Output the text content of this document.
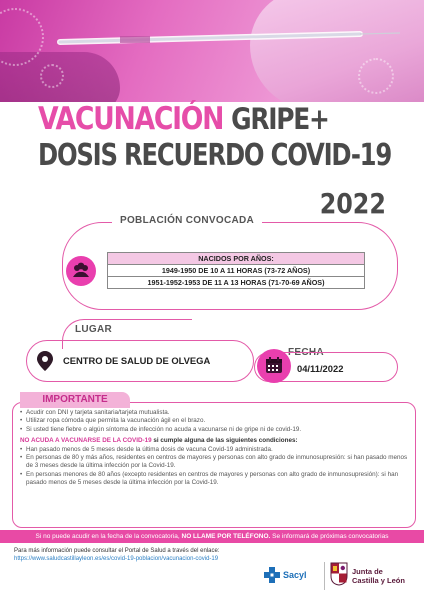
VACUNACIÓN GRIPE+
DOSIS RECUERDO COVID-19
2022
POBLACIÓN CONVOCADA
NACIDOS POR AÑOS:
1949-1950 DE 10 A 11 HORAS (73-72 AÑOS)
1951-1952-1953 DE 11 A 13 HORAS (71-70-69 AÑOS)
LUGAR
CENTRO DE SALUD DE OLVEGA
FECHA
04/11/2022
IMPORTANTE
• Acudir con DNI y tarjeta sanitaria/tarjeta mutualista.
• Utilizar ropa cómoda que permita la vacunación ágil en el brazo.
• Si usted tiene fiebre o algún síntoma de infección no acuda a vacunarse ni de gripe ni de covid-19.
NO ACUDA A VACUNARSE DE LA COVID-19 si cumple alguna de las siguientes condiciones:
• Han pasado menos de 5 meses desde la última dosis de vacuna Covid-19 administrada.
• En personas de 80 y más años, residentes en centros de mayores y personas con alto grado de inmunosupresión: si han pasado menos de 3 meses desde la última infección por la Covid-19.
• En personas menores de 80 años (excepto residentes en centros de mayores y personas con alto grado de inmunosupresión): si han pasado menos de 5 meses desde la última infección por la Covid-19.
Si no puede acudir en la fecha de la convocatoria, NO LLAME POR TELÉFONO. Se informará de próximas convocatorias
Para más información puede consultar el Portal de Salud a través del enlace:
https://www.saludcastillayleon.es/es/covid-19-poblacion/vacunacion-covid-19
Sacyl	Junta de
Castilla y León
